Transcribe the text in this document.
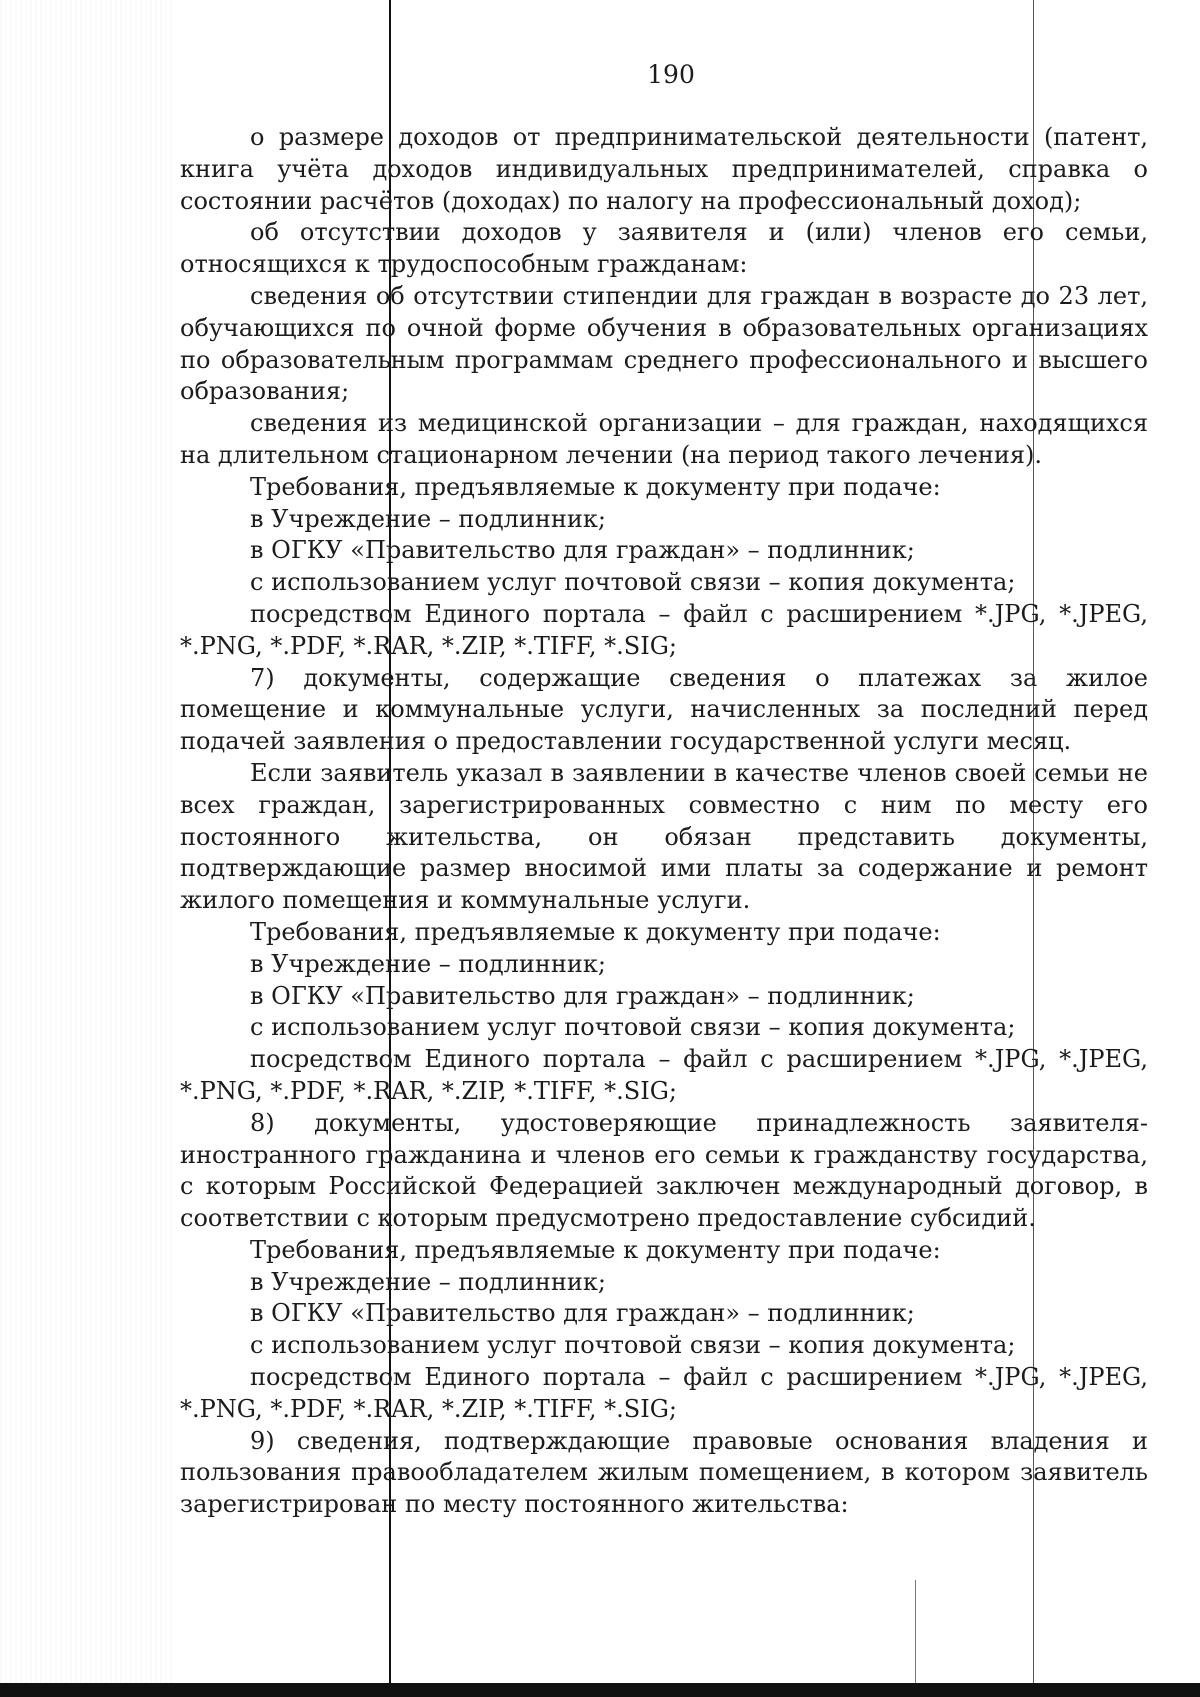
190

о размере доходов от предпринимательской деятельности (патент, книга учёта доходов индивидуальных предпринимателей, справка о состоянии расчётов (доходах) по налогу на профессиональный доход);

об отсутствии доходов у заявителя и (или) членов его семьи, относящихся к трудоспособным гражданам:

сведения об отсутствии стипендии для граждан в возрасте до 23 лет, обучающихся по очной форме обучения в образовательных организациях по образовательным программам среднего профессионального и высшего образования;

сведения из медицинской организации – для граждан, находящихся на длительном стационарном лечении (на период такого лечения).

Требования, предъявляемые к документу при подаче:

в Учреждение – подлинник;

в ОГКУ «Правительство для граждан» – подлинник;

с использованием услуг почтовой связи – копия документа;

посредством Единого портала – файл с расширением *.JPG, *.JPEG, *.PNG, *.PDF, *.RAR, *.ZIP, *.TIFF, *.SIG;

7) документы, содержащие сведения о платежах за жилое помещение и коммунальные услуги, начисленных за последний перед подачей заявления о предоставлении государственной услуги месяц.

Если заявитель указал в заявлении в качестве членов своей семьи не всех граждан, зарегистрированных совместно с ним по месту его постоянного жительства, он обязан представить документы, подтверждающие размер вносимой ими платы за содержание и ремонт жилого помещения и коммунальные услуги.

Требования, предъявляемые к документу при подаче:

в Учреждение – подлинник;

в ОГКУ «Правительство для граждан» – подлинник;

с использованием услуг почтовой связи – копия документа;

посредством Единого портала – файл с расширением *.JPG, *.JPEG, *.PNG, *.PDF, *.RAR, *.ZIP, *.TIFF, *.SIG;

8) документы, удостоверяющие принадлежность заявителя-иностранного гражданина и членов его семьи к гражданству государства, с которым Российской Федерацией заключен международный договор, в соответствии с которым предусмотрено предоставление субсидий.

Требования, предъявляемые к документу при подаче:

в Учреждение – подлинник;

в ОГКУ «Правительство для граждан» – подлинник;

с использованием услуг почтовой связи – копия документа;

посредством Единого портала – файл с расширением *.JPG, *.JPEG, *.PNG, *.PDF, *.RAR, *.ZIP, *.TIFF, *.SIG;

9) сведения, подтверждающие правовые основания владения и пользования правообладателем жилым помещением, в котором заявитель зарегистрирован по месту постоянного жительства:
